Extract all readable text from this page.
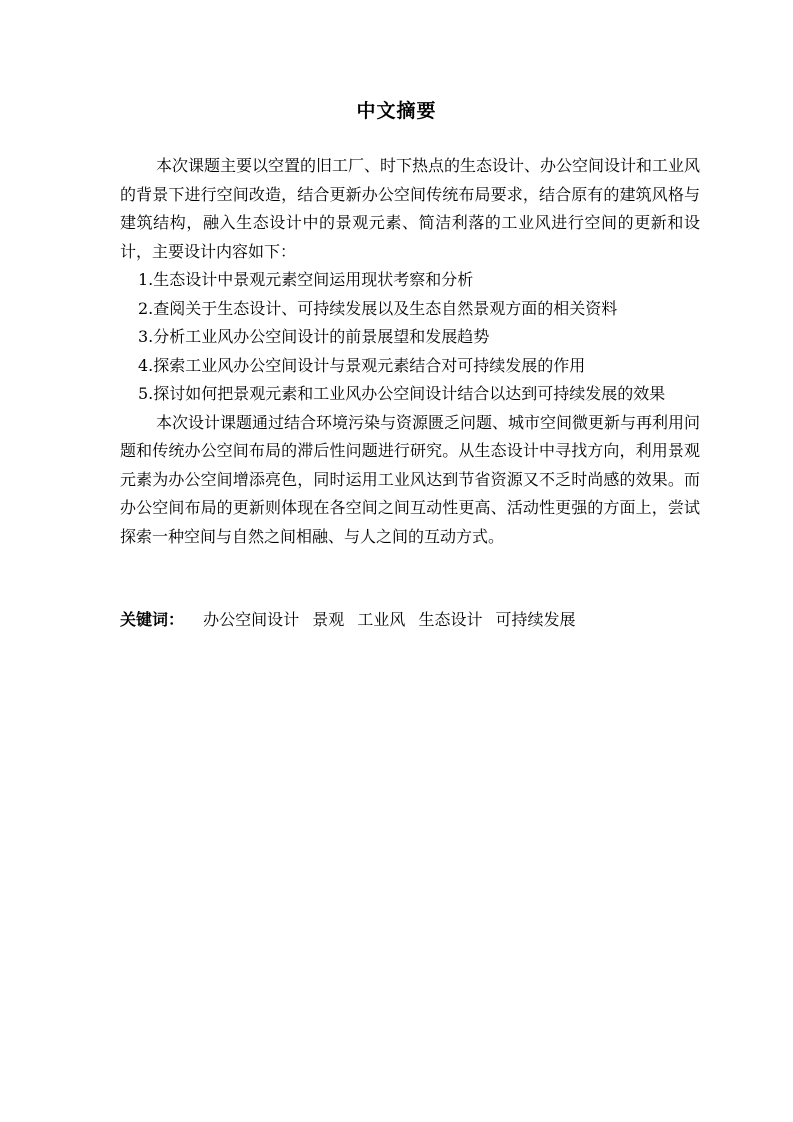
中文摘要

本次课题主要以空置的旧工厂、时下热点的生态设计、办公空间设计和工业风的背景下进行空间改造，结合更新办公空间传统布局要求，结合原有的建筑风格与建筑结构，融入生态设计中的景观元素、简洁利落的工业风进行空间的更新和设计，主要设计内容如下：

1.生态设计中景观元素空间运用现状考察和分析
2.查阅关于生态设计、可持续发展以及生态自然景观方面的相关资料
3.分析工业风办公空间设计的前景展望和发展趋势
4.探索工业风办公空间设计与景观元素结合对可持续发展的作用
5.探讨如何把景观元素和工业风办公空间设计结合以达到可持续发展的效果

本次设计课题通过结合环境污染与资源匮乏问题、城市空间微更新与再利用问题和传统办公空间布局的滞后性问题进行研究。从生态设计中寻找方向，利用景观元素为办公空间增添亮色，同时运用工业风达到节省资源又不乏时尚感的效果。而办公空间布局的更新则体现在各空间之间互动性更高、活动性更强的方面上，尝试探索一种空间与自然之间相融、与人之间的互动方式。

关键词： 办公空间设计 景观 工业风 生态设计 可持续发展
